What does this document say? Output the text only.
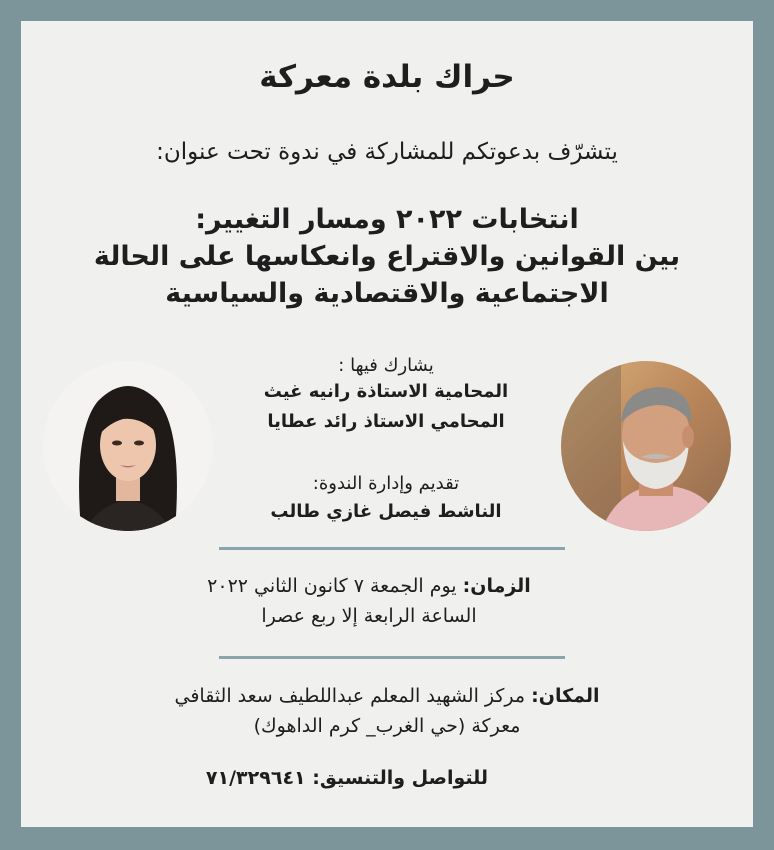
حراك بلدة معركة
يتشرّف بدعوتكم للمشاركة في ندوة تحت عنوان:
انتخابات ٢٠٢٢ ومسار التغيير:
بين القوانين والاقتراع وانعكاسها على الحالة
الاجتماعية والاقتصادية والسياسية
يشارك فيها :
المحامية الاستاذة رانيه غيث
المحامي الاستاذ رائد عطايا
تقديم وإدارة الندوة:
الناشط فيصل غازي طالب
الزمان: يوم الجمعة ٧ كانون الثاني ٢٠٢٢
الساعة الرابعة إلا ربع عصرا
المكان: مركز الشهيد المعلم عبداللطيف سعد الثقافي
معركة (حي الغرب_ كرم الداهوك)
للتواصل والتنسيق: ٧١/٣٢٩٦٤١
